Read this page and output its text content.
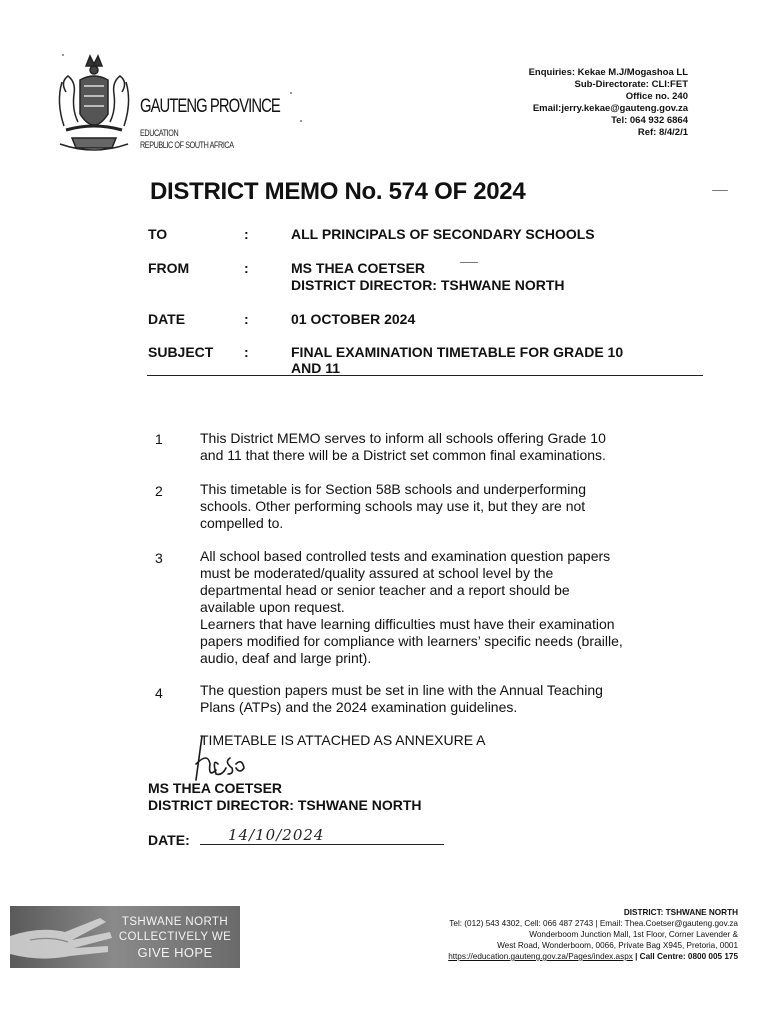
GAUTENG PROVINCE
EDUCATION
REPUBLIC OF SOUTH AFRICA
Enquiries: Kekae M.J/Mogashoa LL
Sub-Directorate: CLI:FET
Office no. 240
Email:jerry.kekae@gauteng.gov.za
Tel: 064 932 6864
Ref: 8/4/2/1
DISTRICT MEMO No. 574 OF 2024
TO	:	ALL PRINCIPALS OF SECONDARY SCHOOLS
FROM	:	MS THEA COETSER
DISTRICT DIRECTOR: TSHWANE NORTH
DATE	:	01 OCTOBER 2024
SUBJECT	:	FINAL EXAMINATION TIMETABLE FOR GRADE 10
AND 11
1	This District MEMO serves to inform all schools offering Grade 10
and 11 that there will be a District set common final examinations.
2	This timetable is for Section 58B schools and underperforming
schools. Other performing schools may use it, but they are not
compelled to.
3	All school based controlled tests and examination question papers
must be moderated/quality assured at school level by the
departmental head or senior teacher and a report should be
available upon request.
Learners that have learning difficulties must have their examination
papers modified for compliance with learners’ specific needs (braille,
audio, deaf and large print).
4	The question papers must be set in line with the Annual Teaching
Plans (ATPs) and the 2024 examination guidelines.
TIMETABLE IS ATTACHED AS ANNEXURE A
MS THEA COETSER
DISTRICT DIRECTOR: TSHWANE NORTH
DATE:	14/10/2024
TSHWANE NORTH
COLLECTIVELY WE
GIVE HOPE
DISTRICT: TSHWANE NORTH
Tel: (012) 543 4302, Cell: 066 487 2743 | Email: Thea.Coetser@gauteng.gov.za
Wonderboom Junction Mall, 1st Floor, Corner Lavender &
West Road, Wonderboom, 0066, Private Bag X945, Pretoria, 0001
https://education.gauteng.gov.za/Pages/index.aspx | Call Centre: 0800 005 175
